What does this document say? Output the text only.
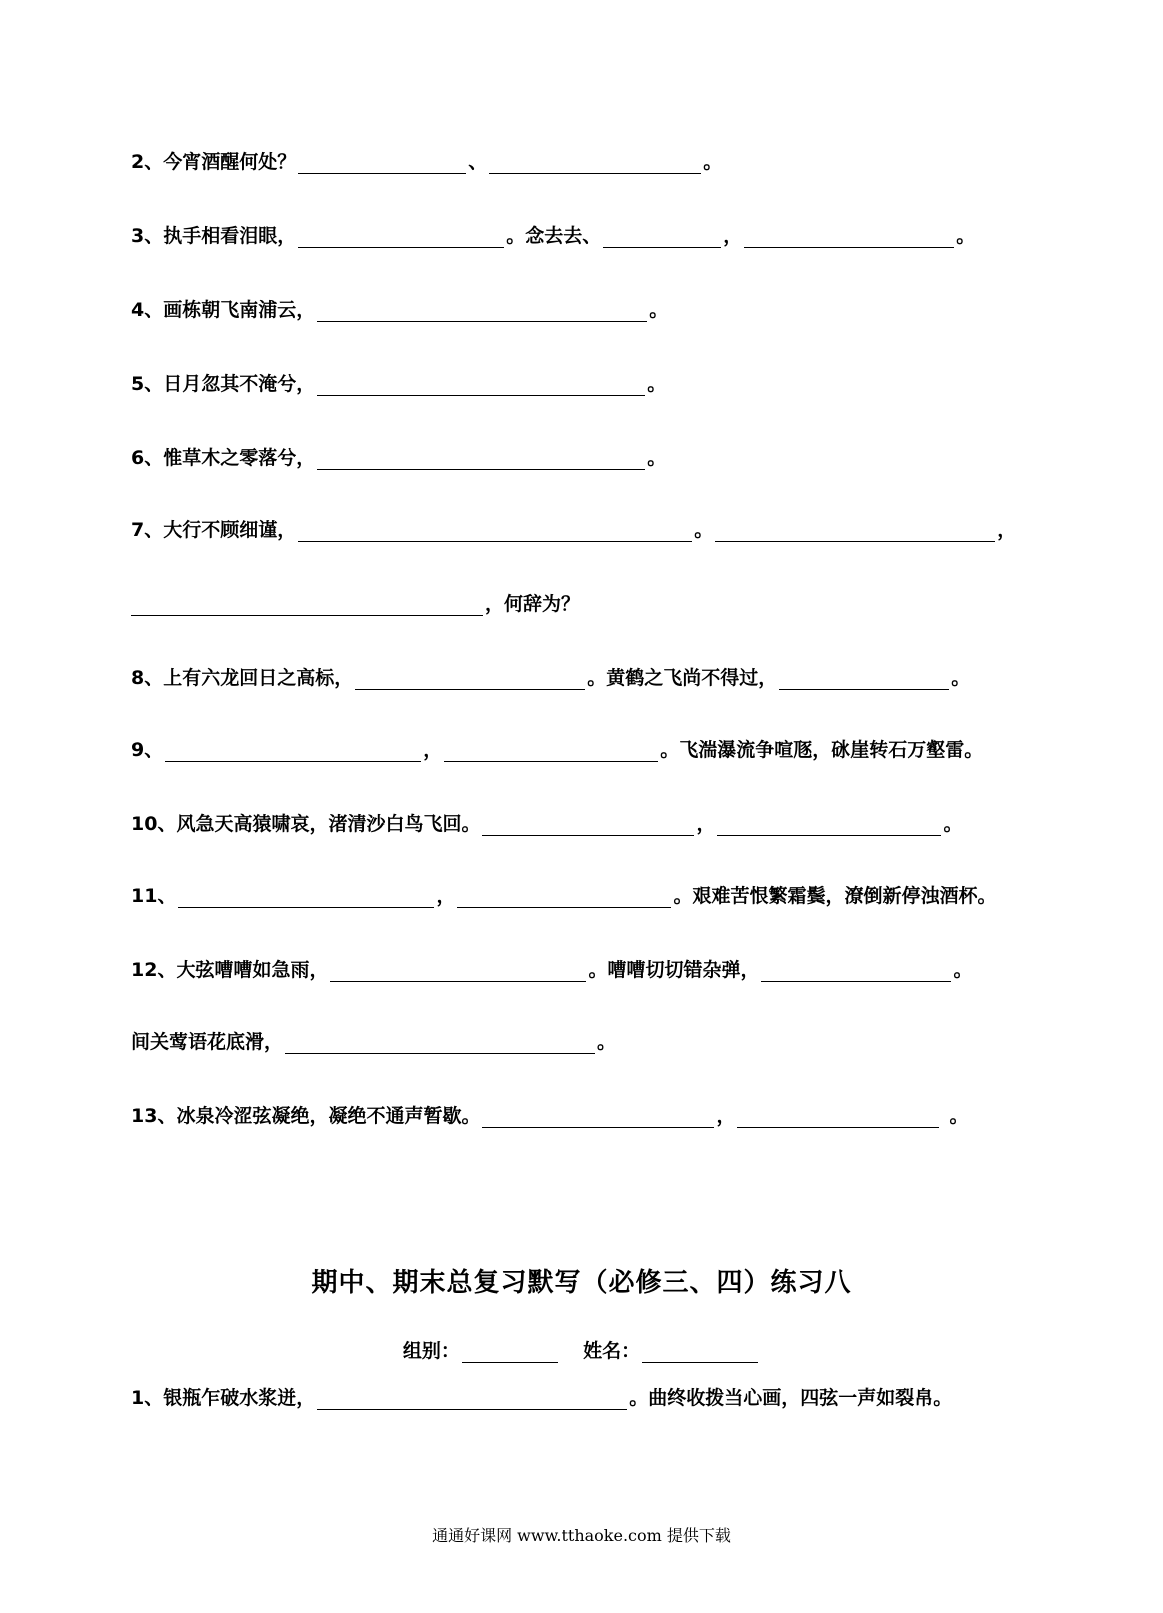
2、 今宵酒醒何处？	、	。
3、 执手相看泪眼，	。念去去、	，	。
4、 画栋朝飞南浦云，	。
5、 日月忽其不淹兮，	。
6、 惟草木之零落兮，	。
7、 大行不顾细谨，	。	，
，何辞为？
8、 上有六龙回日之高标，	。黄鹤之飞尚不得过，	。
9、	，	。飞湍瀑流争喧豗，砯崖转石万壑雷。
10、 风急天高猿啸哀，渚清沙白鸟飞回。	，	。
11、	，	。艰难苦恨繁霜鬓，潦倒新停浊酒杯。
12、 大弦嘈嘈如急雨，	。嘈嘈切切错杂弹，	。
间关莺语花底滑，	。
13、 冰泉冷涩弦凝绝，凝绝不通声暂歇。	，	。
期中、期末总复习默写（必修三、四）练习八
组别：	姓名：
1、 银瓶乍破水浆迸，	。曲终收拨当心画，四弦一声如裂帛。
通通好课网 www.tthaoke.com 提供下载
